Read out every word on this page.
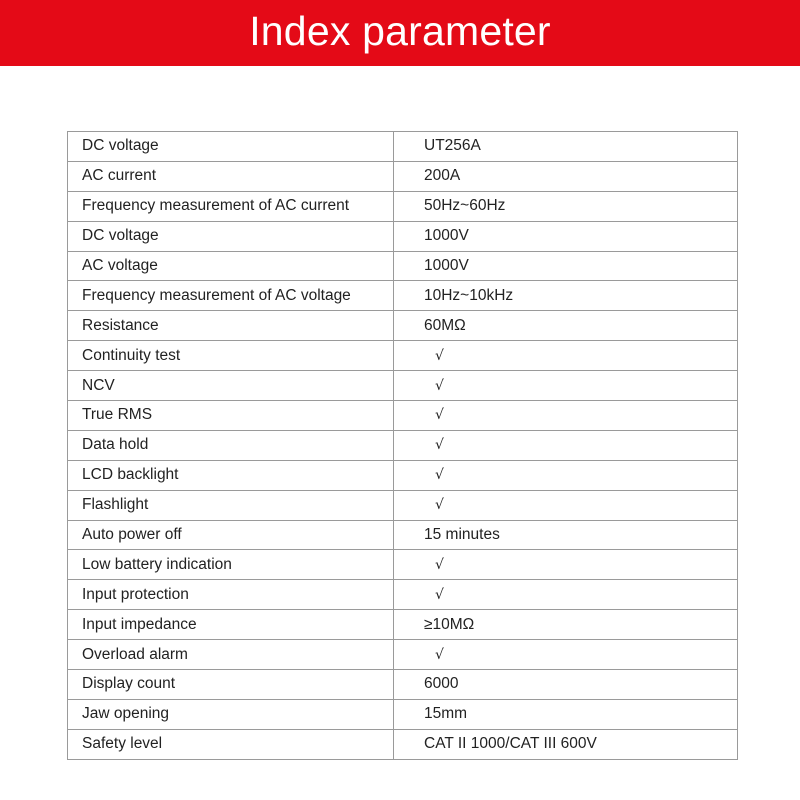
Index parameter
DC voltage	UT256A
AC current	200A
Frequency measurement of AC current	50Hz~60Hz
DC voltage	1000V
AC voltage	1000V
Frequency measurement of AC voltage	10Hz~10kHz
Resistance	60MΩ
Continuity test	√
NCV	√
True RMS	√
Data hold	√
LCD backlight	√
Flashlight	√
Auto power off	15 minutes
Low battery indication	√
Input protection	√
Input impedance	≥10MΩ
Overload alarm	√
Display count	6000
Jaw opening	15mm
Safety level	CAT II 1000/CAT III 600V
